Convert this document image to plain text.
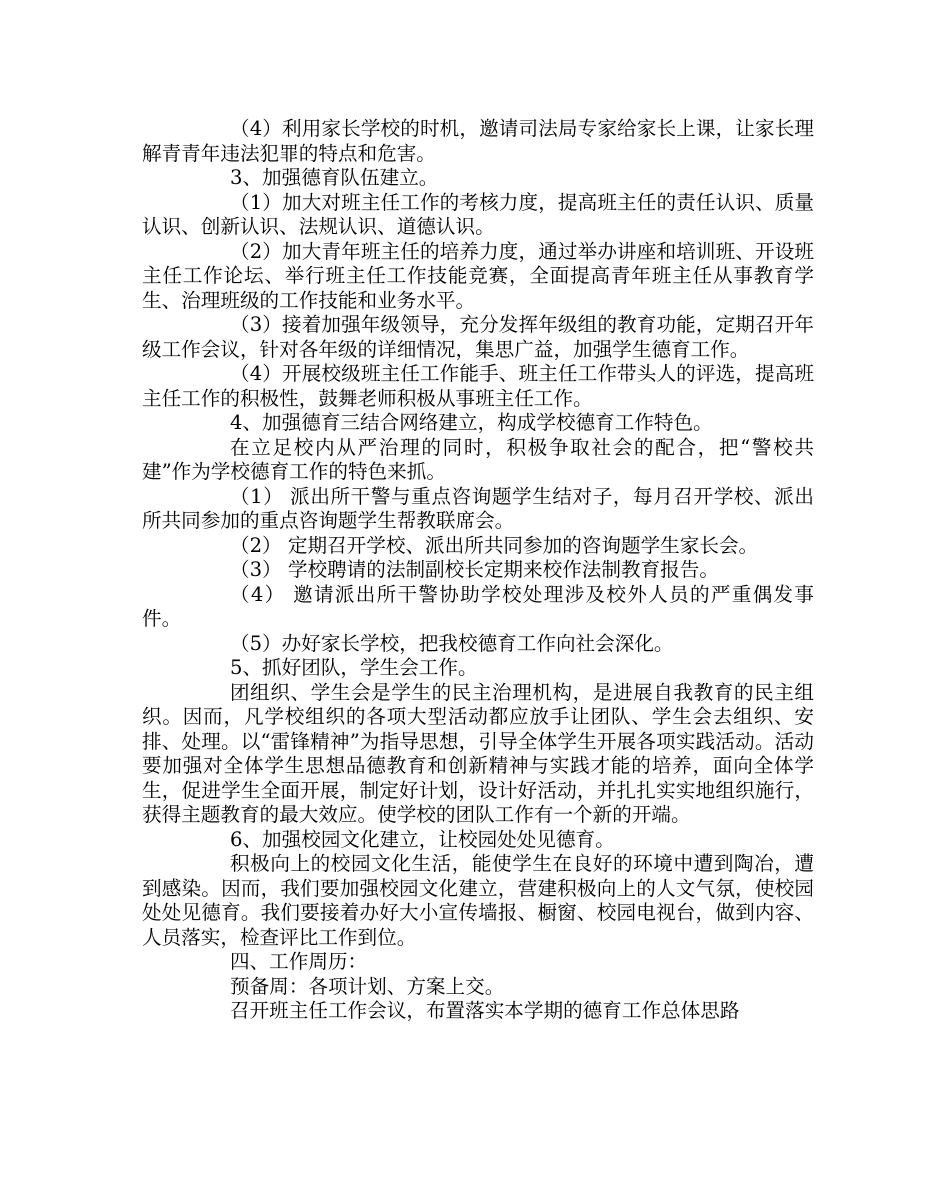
（4）利用家长学校的时机，邀请司法局专家给家长上课，让家长理解青青年违法犯罪的特点和危害。

3、加强德育队伍建立。

（1）加大对班主任工作的考核力度，提高班主任的责任认识、质量认识、创新认识、法规认识、道德认识。

（2）加大青年班主任的培养力度，通过举办讲座和培训班、开设班主任工作论坛、举行班主任工作技能竞赛，全面提高青年班主任从事教育学生、治理班级的工作技能和业务水平。

（3）接着加强年级领导，充分发挥年级组的教育功能，定期召开年级工作会议，针对各年级的详细情况，集思广益，加强学生德育工作。

（4）开展校级班主任工作能手、班主任工作带头人的评选，提高班主任工作的积极性，鼓舞老师积极从事班主任工作。

4、加强德育三结合网络建立，构成学校德育工作特色。

在立足校内从严治理的同时，积极争取社会的配合，把“警校共建”作为学校德育工作的特色来抓。

（1） 派出所干警与重点咨询题学生结对子，每月召开学校、派出所共同参加的重点咨询题学生帮教联席会。

（2） 定期召开学校、派出所共同参加的咨询题学生家长会。

（3） 学校聘请的法制副校长定期来校作法制教育报告。

（4） 邀请派出所干警协助学校处理涉及校外人员的严重偶发事件。

（5）办好家长学校，把我校德育工作向社会深化。

5、抓好团队，学生会工作。

团组织、学生会是学生的民主治理机构，是进展自我教育的民主组织。因而，凡学校组织的各项大型活动都应放手让团队、学生会去组织、安排、处理。以“雷锋精神”为指导思想，引导全体学生开展各项实践活动。活动要加强对全体学生思想品德教育和创新精神与实践才能的培养，面向全体学生，促进学生全面开展，制定好计划，设计好活动，并扎扎实实地组织施行，获得主题教育的最大效应。使学校的团队工作有一个新的开端。

6、加强校园文化建立，让校园处处见德育。

积极向上的校园文化生活，能使学生在良好的环境中遭到陶冶，遭到感染。因而，我们要加强校园文化建立，营建积极向上的人文气氛，使校园处处见德育。我们要接着办好大小宣传墙报、橱窗、校园电视台，做到内容、人员落实，检查评比工作到位。

四、工作周历：

预备周：各项计划、方案上交。

召开班主任工作会议，布置落实本学期的德育工作总体思路
